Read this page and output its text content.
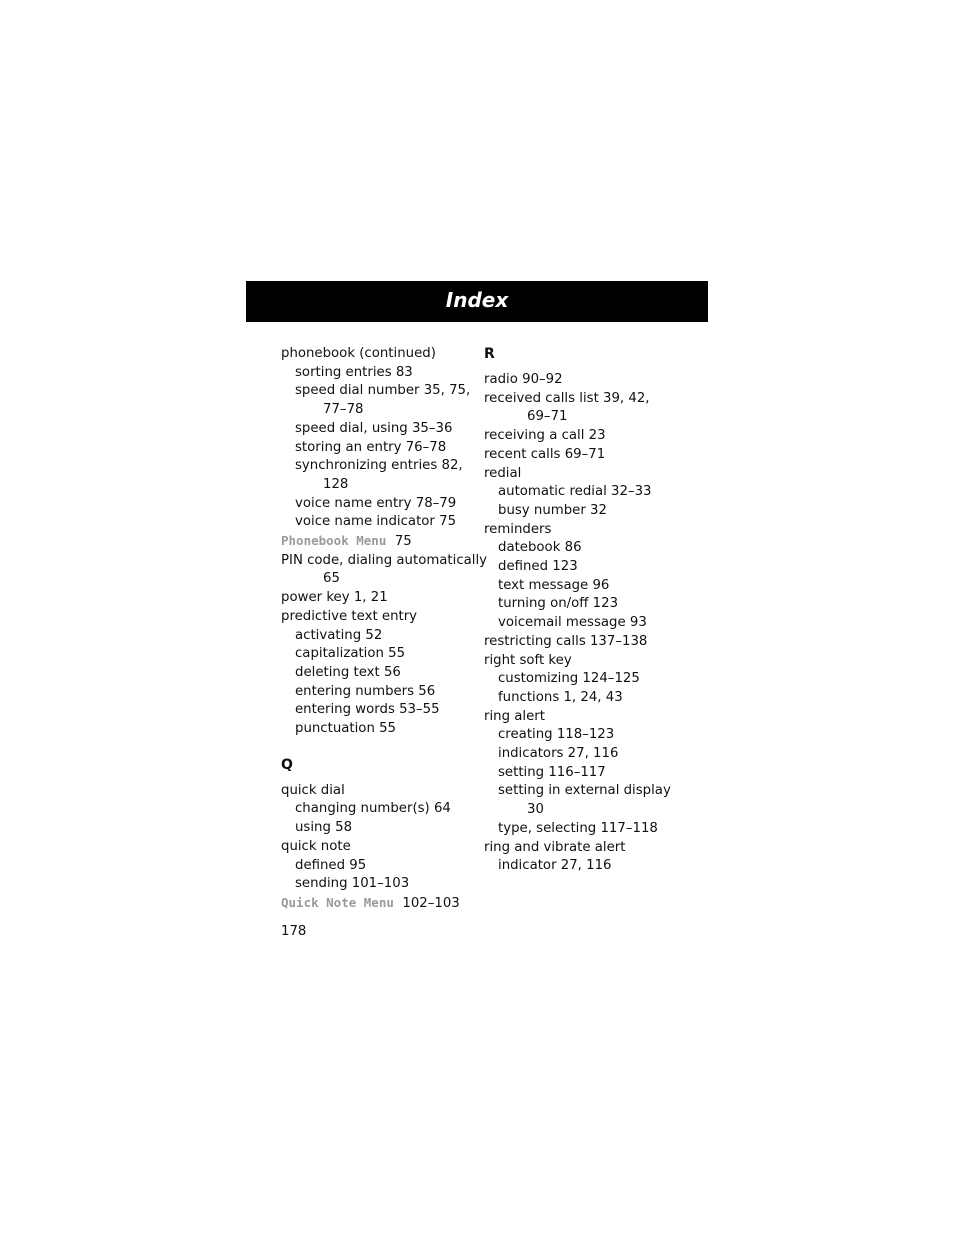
Index
phonebook (continued)
sorting entries 83
speed dial number 35, 75,
77–78
speed dial, using 35–36
storing an entry 76–78
synchronizing entries 82,
128
voice name entry 78–79
voice name indicator 75
Phonebook Menu 75
PIN code, dialing automatically
65
power key 1, 21
predictive text entry
activating 52
capitalization 55
deleting text 56
entering numbers 56
entering words 53–55
punctuation 55
Q
quick dial
changing number(s) 64
using 58
quick note
defined 95
sending 101–103
Quick Note Menu 102–103
R
radio 90–92
received calls list 39, 42,
69–71
receiving a call 23
recent calls 69–71
redial
automatic redial 32–33
busy number 32
reminders
datebook 86
defined 123
text message 96
turning on/off 123
voicemail message 93
restricting calls 137–138
right soft key
customizing 124–125
functions 1, 24, 43
ring alert
creating 118–123
indicators 27, 116
setting 116–117
setting in external display
30
type, selecting 117–118
ring and vibrate alert
indicator 27, 116
178
